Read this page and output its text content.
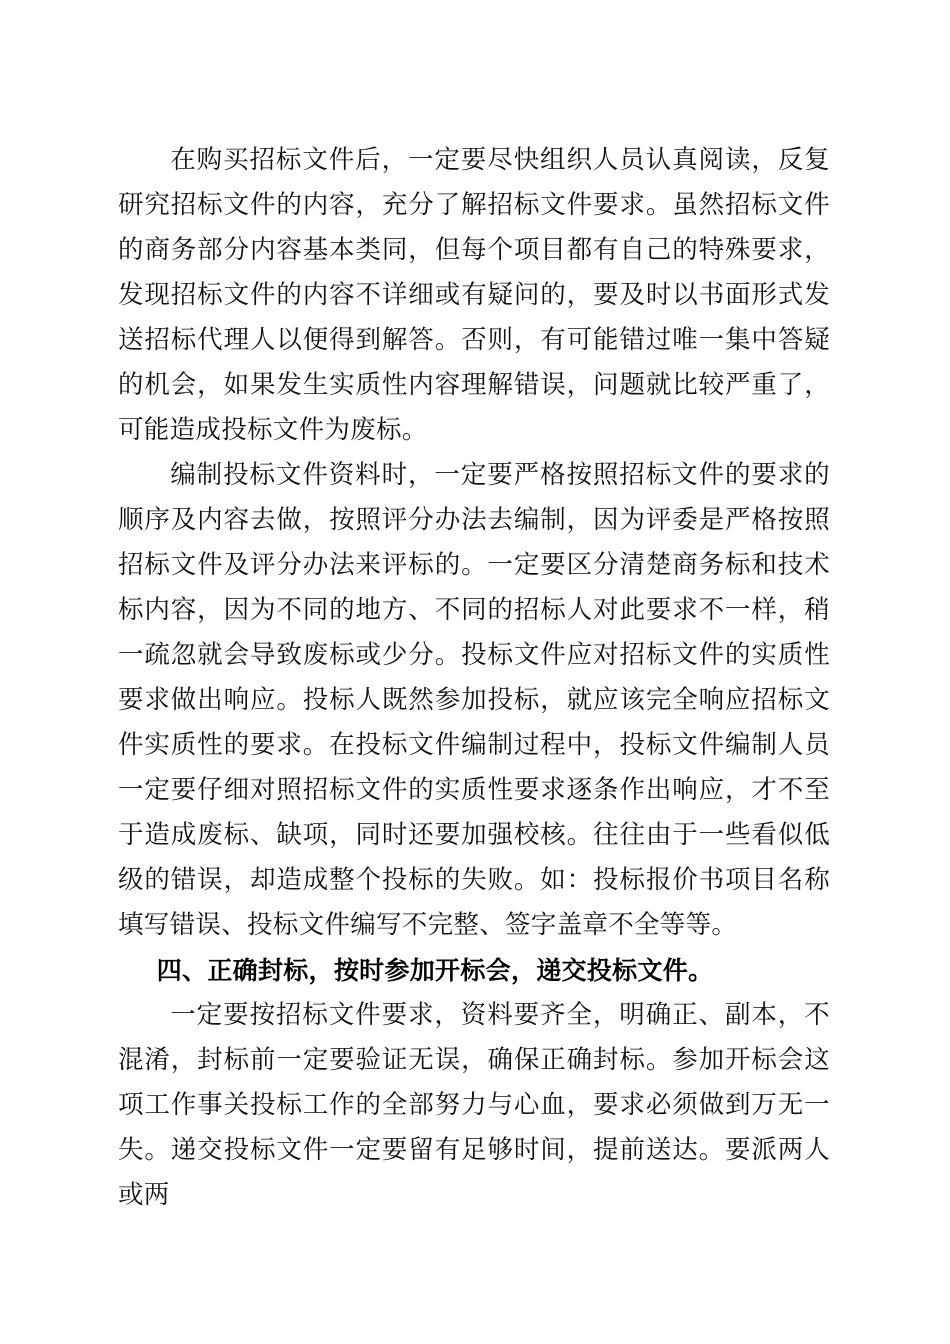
在购买招标文件后，一定要尽快组织人员认真阅读，反复研究招标文件的内容，充分了解招标文件要求。虽然招标文件的商务部分内容基本类同，但每个项目都有自己的特殊要求，发现招标文件的内容不详细或有疑问的，要及时以书面形式发送招标代理人以便得到解答。否则，有可能错过唯一集中答疑的机会，如果发生实质性内容理解错误，问题就比较严重了，可能造成投标文件为废标。

编制投标文件资料时，一定要严格按照招标文件的要求的顺序及内容去做，按照评分办法去编制，因为评委是严格按照招标文件及评分办法来评标的。一定要区分清楚商务标和技术标内容，因为不同的地方、不同的招标人对此要求不一样，稍一疏忽就会导致废标或少分。投标文件应对招标文件的实质性要求做出响应。投标人既然参加投标，就应该完全响应招标文件实质性的要求。在投标文件编制过程中，投标文件编制人员一定要仔细对照招标文件的实质性要求逐条作出响应，才不至于造成废标、缺项，同时还要加强校核。往往由于一些看似低级的错误，却造成整个投标的失败。如：投标报价书项目名称填写错误、投标文件编写不完整、签字盖章不全等等。

四、正确封标，按时参加开标会，递交投标文件。

一定要按招标文件要求，资料要齐全，明确正、副本，不混淆，封标前一定要验证无误，确保正确封标。参加开标会这项工作事关投标工作的全部努力与心血，要求必须做到万无一失。递交投标文件一定要留有足够时间，提前送达。要派两人或两
